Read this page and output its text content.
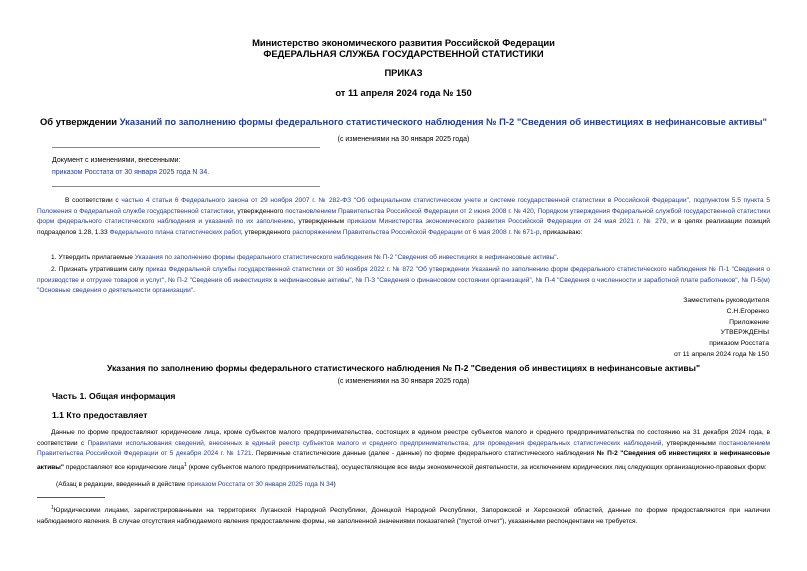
Министерство экономического развития Российской Федерации
ФЕДЕРАЛЬНАЯ СЛУЖБА ГОСУДАРСТВЕННОЙ СТАТИСТИКИ
ПРИКАЗ
от 11 апреля 2024 года № 150
Об утверждении Указаний по заполнению формы федерального статистического наблюдения № П-2 "Сведения об инвестициях в нефинансовые активы"
(с изменениями на 30 января 2025 года)
Документ с изменениями, внесенными:
приказом Росстата от 30 января 2025 года N 34.
В соответствии с частью 4 статьи 6 Федерального закона от 29 ноября 2007 г. № 282-ФЗ "Об официальном статистическом учете и системе государственной статистики в Российской Федерации", подпунктом 5.5 пункта 5 Положения о Федеральной службе государственной статистики, утвержденного постановлением Правительства Российской Федерации от 2 июня 2008 г. № 420, Порядком утверждения Федеральной службой государственной статистики форм федерального статистического наблюдения и указаний по их заполнению, утвержденным приказом Министерства экономического развития Российской Федерации от 24 мая 2021 г. № 279, и в целях реализации позиций подразделов 1.28, 1.33 Федерального плана статистических работ, утвержденного распоряжением Правительства Российской Федерации от 6 мая 2008 г. № 671-р, приказываю:
1. Утвердить прилагаемые Указания по заполнению формы федерального статистического наблюдения № П-2 "Сведения об инвестициях в нефинансовые активы".
2. Признать утратившим силу приказ Федеральной службы государственной статистики от 30 ноября 2022 г. № 872 "Об утверждении Указаний по заполнению форм федерального статистического наблюдения № П-1 "Сведения о производстве и отгрузке товаров и услуг", № П-2 "Сведения об инвестициях в нефинансовые активы", № П-3 "Сведения о финансовом состоянии организаций", № П-4 "Сведения о численности и заработной плате работников", № П-5(м) "Основные сведения о деятельности организации".
Заместитель руководителя
С.Н.Егоренко
Приложение
УТВЕРЖДЕНЫ
приказом Росстата
от 11 апреля 2024 года № 150
Указания по заполнению формы федерального статистического наблюдения № П-2 "Сведения об инвестициях в нефинансовые активы"
(с изменениями на 30 января 2025 года)
Часть 1. Общая информация
1.1 Кто предоставляет
Данные по форме предоставляют юридические лица, кроме субъектов малого предпринимательства, состоящих в едином реестре субъектов малого и среднего предпринимательства по состоянию на 31 декабря 2024 года, в соответствии с Правилами использования сведений, внесенных в единый реестр субъектов малого и среднего предпринимательства, для проведения федеральных статистических наблюдений, утвержденными постановлением Правительства Российской Федерации от 5 декабря 2024 г. № 1721. Первичные статистические данные (далее - данные) по форме федерального статистического наблюдения № П-2 "Сведения об инвестициях в нефинансовые активы" предоставляют все юридические лица$^1$ (кроме субъектов малого предпринимательства), осуществляющие все виды экономической деятельности, за исключением юридических лиц следующих организационно-правовых форм:
(Абзац в редакции, введенный в действие приказом Росстата от 30 января 2025 года N 34)
$^1$Юридическими лицами, зарегистрированными на территориях Луганской Народной Республики, Донецкой Народной Республики, Запорожской и Херсонской областей, данные по форме предоставляются при наличии наблюдаемого явления. В случае отсутствия наблюдаемого явления предоставление формы, не заполненной значениями показателей ("пустой отчет"), указанными респондентами не требуется.
